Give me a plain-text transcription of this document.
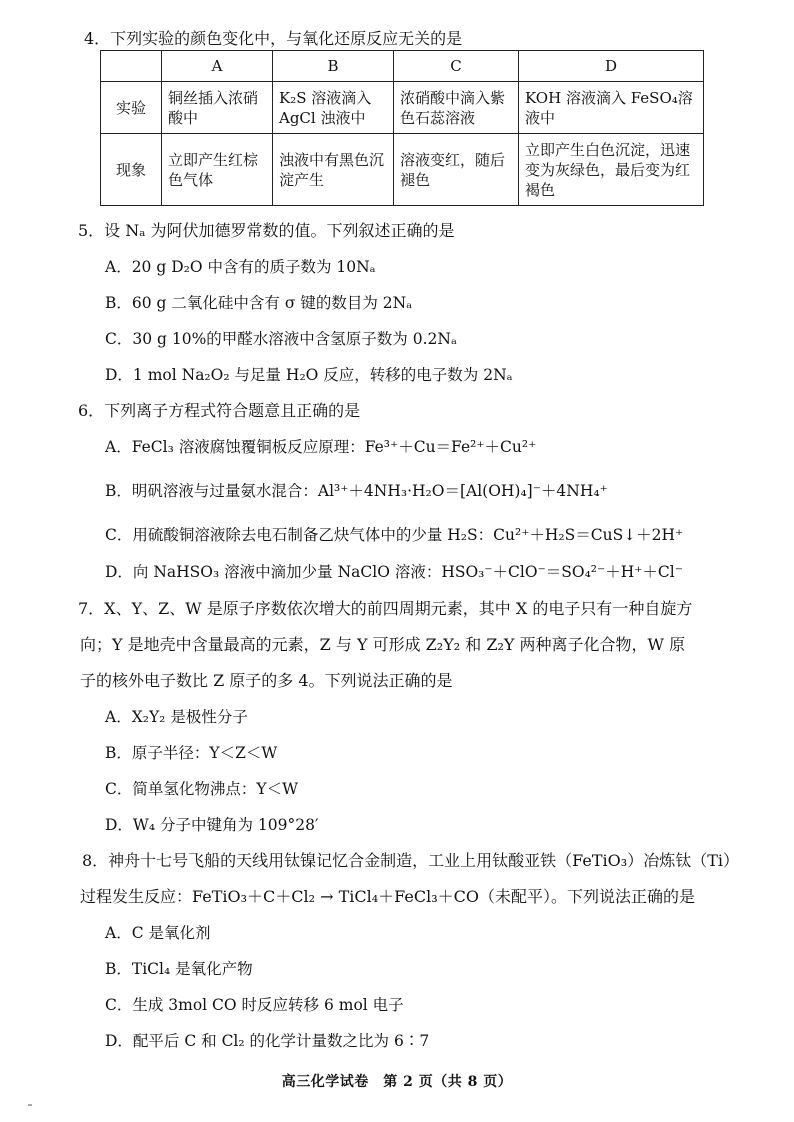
4．下列实验的颜色变化中，与氧化还原反应无关的是
	A	B	C	D
实验	铜丝插入浓硝酸中	K₂S 溶液滴入AgCl 浊液中	浓硝酸中滴入紫色石蕊溶液	KOH 溶液滴入 FeSO₄溶液中
现象	立即产生红棕色气体	浊液中有黑色沉淀产生	溶液变红，随后褪色	立即产生白色沉淀，迅速变为灰绿色，最后变为红褐色
5．设 Nₐ 为阿伏加德罗常数的值。下列叙述正确的是
A．20 g D₂O 中含有的质子数为 10Nₐ
B．60 g 二氧化硅中含有 σ 键的数目为 2Nₐ
C．30 g 10%的甲醛水溶液中含氢原子数为 0.2Nₐ
D．1 mol Na₂O₂ 与足量 H₂O 反应，转移的电子数为 2Nₐ
6．下列离子方程式符合题意且正确的是
A．FeCl₃ 溶液腐蚀覆铜板反应原理：Fe³⁺＋Cu＝Fe²⁺＋Cu²⁺
B．明矾溶液与过量氨水混合：Al³⁺＋4NH₃·H₂O＝[Al(OH)₄]⁻＋4NH₄⁺
C．用硫酸铜溶液除去电石制备乙炔气体中的少量 H₂S：Cu²⁺＋H₂S＝CuS↓＋2H⁺
D．向 NaHSO₃ 溶液中滴加少量 NaClO 溶液：HSO₃⁻＋ClO⁻＝SO₄²⁻＋H⁺＋Cl⁻
7．X、Y、Z、W 是原子序数依次增大的前四周期元素，其中 X 的电子只有一种自旋方
向；Y 是地壳中含量最高的元素，Z 与 Y 可形成 Z₂Y₂ 和 Z₂Y 两种离子化合物，W 原
子的核外电子数比 Z 原子的多 4。下列说法正确的是
A．X₂Y₂ 是极性分子
B．原子半径：Y＜Z＜W
C．简单氢化物沸点：Y＜W
D．W₄ 分子中键角为 109°28′
8．神舟十七号飞船的天线用钛镍记忆合金制造，工业上用钛酸亚铁（FeTiO₃）冶炼钛（Ti）
过程发生反应：FeTiO₃＋C＋Cl₂ → TiCl₄＋FeCl₃＋CO（未配平）。下列说法正确的是
A．C 是氧化剂
B．TiCl₄ 是氧化产物
C．生成 3mol CO 时反应转移 6 mol 电子
D．配平后 C 和 Cl₂ 的化学计量数之比为 6∶7
高三化学试卷　第 2 页（共 8 页）
